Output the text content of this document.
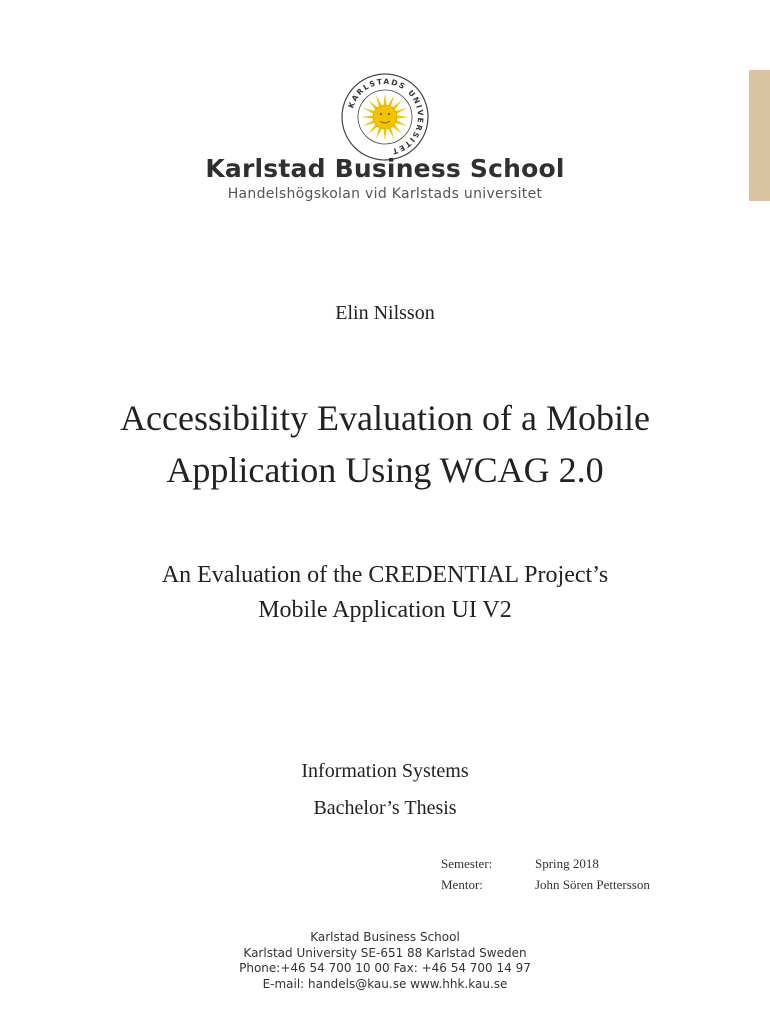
KARLSTADS UNIVERSITET
Karlstad Business School
Handelshögskolan vid Karlstads universitet
Elin Nilsson
Accessibility Evaluation of a Mobile
Application Using WCAG 2.0
An Evaluation of the CREDENTIAL Project’s
Mobile Application UI V2
Information Systems
Bachelor’s Thesis
Semester:	Spring 2018
Mentor:	John Sören Pettersson
Karlstad Business School
Karlstad University SE-651 88 Karlstad Sweden
Phone:+46 54 700 10 00 Fax: +46 54 700 14 97
E-mail: handels@kau.se www.hhk.kau.se
